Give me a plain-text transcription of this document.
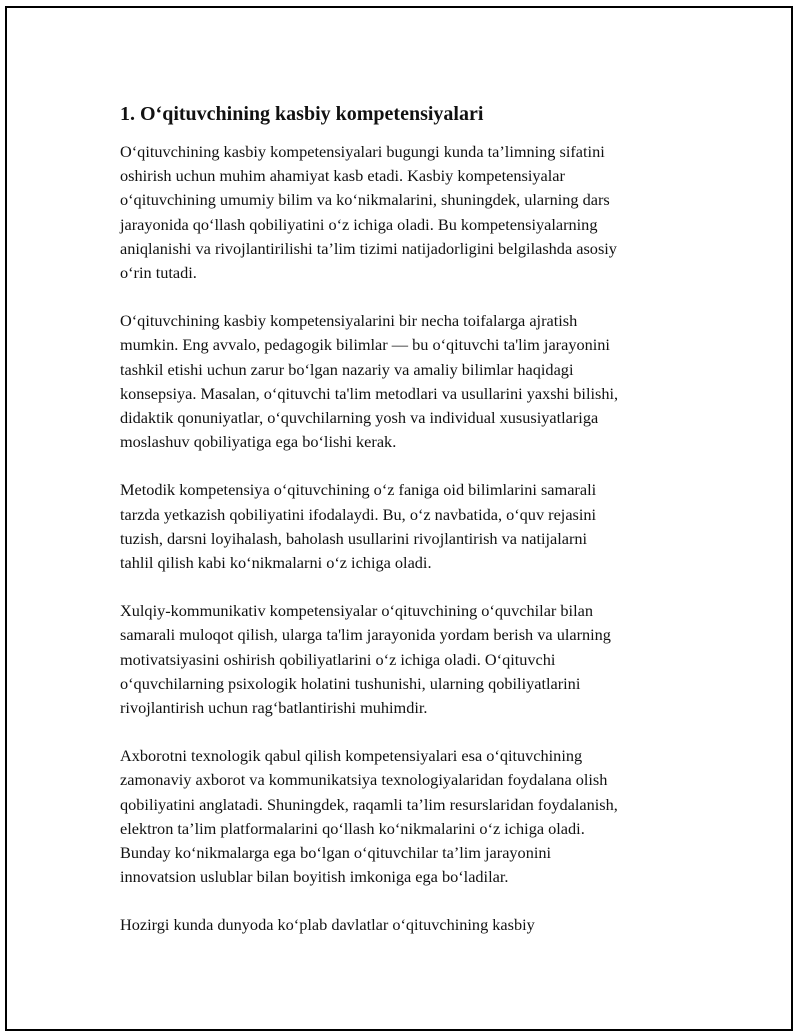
1. O‘qituvchining kasbiy kompetensiyalari

O‘qituvchining kasbiy kompetensiyalari bugungi kunda ta’limning sifatini
oshirish uchun muhim ahamiyat kasb etadi. Kasbiy kompetensiyalar
o‘qituvchining umumiy bilim va ko‘nikmalarini, shuningdek, ularning dars
jarayonida qo‘llash qobiliyatini o‘z ichiga oladi. Bu kompetensiyalarning
aniqlanishi va rivojlantirilishi ta’lim tizimi natijadorligini belgilashda asosiy
o‘rin tutadi.

O‘qituvchining kasbiy kompetensiyalarini bir necha toifalarga ajratish
mumkin. Eng avvalo, pedagogik bilimlar — bu o‘qituvchi ta'lim jarayonini
tashkil etishi uchun zarur bo‘lgan nazariy va amaliy bilimlar haqidagi
konsepsiya. Masalan, o‘qituvchi ta'lim metodlari va usullarini yaxshi bilishi,
didaktik qonuniyatlar, o‘quvchilarning yosh va individual xususiyatlariga
moslashuv qobiliyatiga ega bo‘lishi kerak.

Metodik kompetensiya o‘qituvchining o‘z faniga oid bilimlarini samarali
tarzda yetkazish qobiliyatini ifodalaydi. Bu, o‘z navbatida, o‘quv rejasini
tuzish, darsni loyihalash, baholash usullarini rivojlantirish va natijalarni
tahlil qilish kabi ko‘nikmalarni o‘z ichiga oladi.

Xulqiy-kommunikativ kompetensiyalar o‘qituvchining o‘quvchilar bilan
samarali muloqot qilish, ularga ta'lim jarayonida yordam berish va ularning
motivatsiyasini oshirish qobiliyatlarini o‘z ichiga oladi. O‘qituvchi
o‘quvchilarning psixologik holatini tushunishi, ularning qobiliyatlarini
rivojlantirish uchun rag‘batlantirishi muhimdir.

Axborotni texnologik qabul qilish kompetensiyalari esa o‘qituvchining
zamonaviy axborot va kommunikatsiya texnologiyalaridan foydalana olish
qobiliyatini anglatadi. Shuningdek, raqamli ta’lim resurslaridan foydalanish,
elektron ta’lim platformalarini qo‘llash ko‘nikmalarini o‘z ichiga oladi.
Bunday ko‘nikmalarga ega bo‘lgan o‘qituvchilar ta’lim jarayonini
innovatsion uslublar bilan boyitish imkoniga ega bo‘ladilar.

Hozirgi kunda dunyoda ko‘plab davlatlar o‘qituvchining kasbiy
